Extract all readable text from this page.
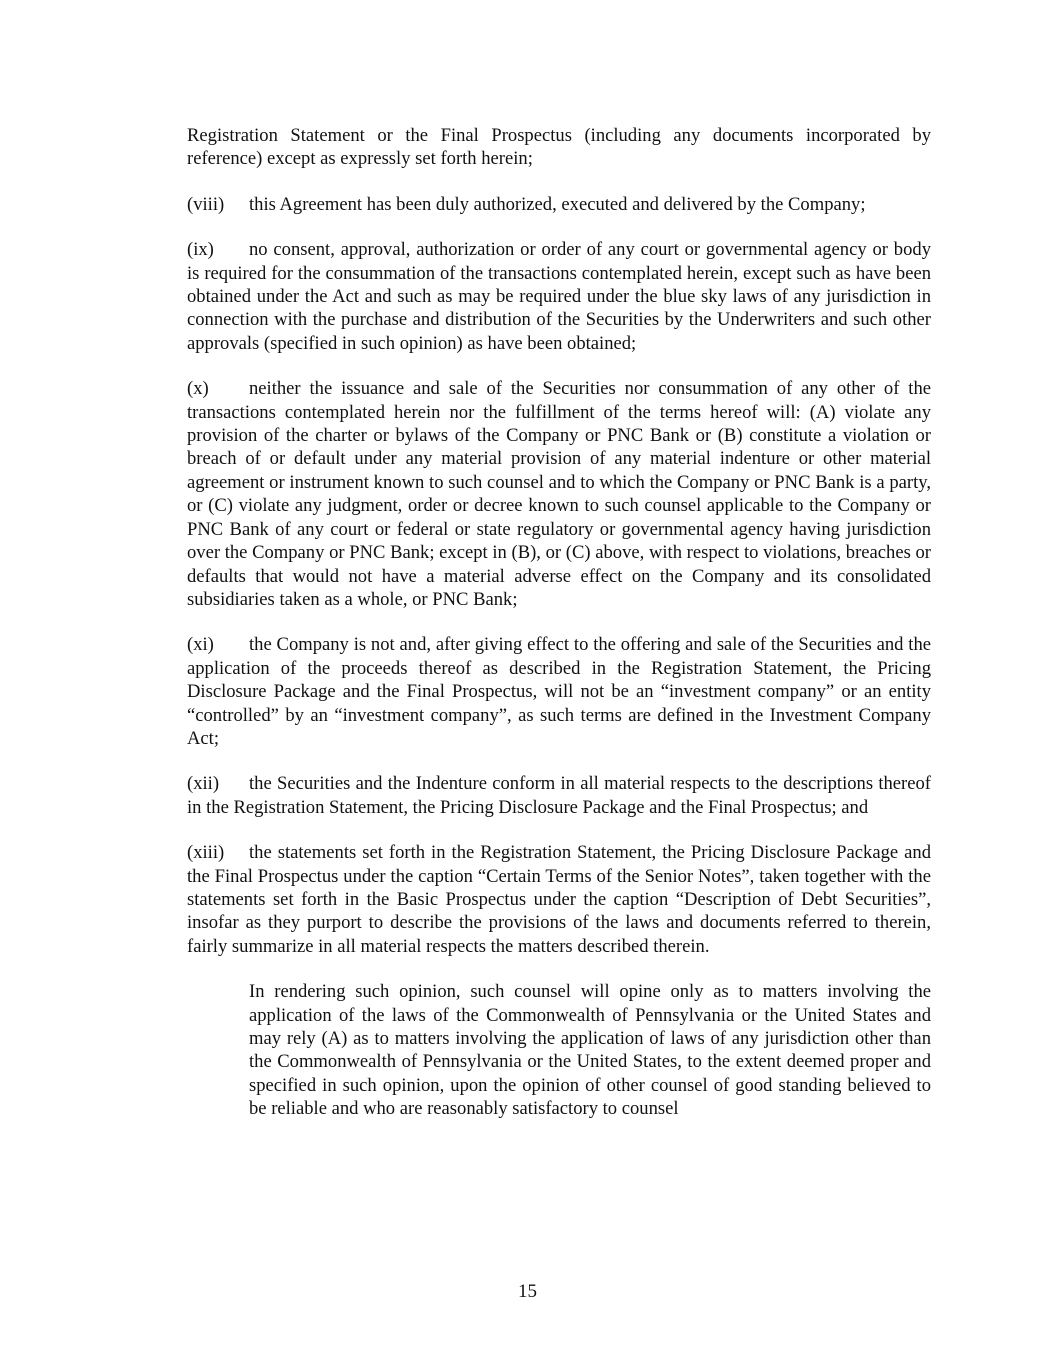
Registration Statement or the Final Prospectus (including any documents incorporated by reference) except as expressly set forth herein;

(viii) this Agreement has been duly authorized, executed and delivered by the Company;

(ix) no consent, approval, authorization or order of any court or governmental agency or body is required for the consummation of the transactions contemplated herein, except such as have been obtained under the Act and such as may be required under the blue sky laws of any jurisdiction in connection with the purchase and distribution of the Securities by the Underwriters and such other approvals (specified in such opinion) as have been obtained;

(x) neither the issuance and sale of the Securities nor consummation of any other of the transactions contemplated herein nor the fulfillment of the terms hereof will: (A) violate any provision of the charter or bylaws of the Company or PNC Bank or (B) constitute a violation or breach of or default under any material provision of any material indenture or other material agreement or instrument known to such counsel and to which the Company or PNC Bank is a party, or (C) violate any judgment, order or decree known to such counsel applicable to the Company or PNC Bank of any court or federal or state regulatory or governmental agency having jurisdiction over the Company or PNC Bank; except in (B), or (C) above, with respect to violations, breaches or defaults that would not have a material adverse effect on the Company and its consolidated subsidiaries taken as a whole, or PNC Bank;

(xi) the Company is not and, after giving effect to the offering and sale of the Securities and the application of the proceeds thereof as described in the Registration Statement, the Pricing Disclosure Package and the Final Prospectus, will not be an “investment company” or an entity “controlled” by an “investment company”, as such terms are defined in the Investment Company Act;

(xii) the Securities and the Indenture conform in all material respects to the descriptions thereof in the Registration Statement, the Pricing Disclosure Package and the Final Prospectus; and

(xiii) the statements set forth in the Registration Statement, the Pricing Disclosure Package and the Final Prospectus under the caption “Certain Terms of the Senior Notes”, taken together with the statements set forth in the Basic Prospectus under the caption “Description of Debt Securities”, insofar as they purport to describe the provisions of the laws and documents referred to therein, fairly summarize in all material respects the matters described therein.

In rendering such opinion, such counsel will opine only as to matters involving the application of the laws of the Commonwealth of Pennsylvania or the United States and may rely (A) as to matters involving the application of laws of any jurisdiction other than the Commonwealth of Pennsylvania or the United States, to the extent deemed proper and specified in such opinion, upon the opinion of other counsel of good standing believed to be reliable and who are reasonably satisfactory to counsel

15
